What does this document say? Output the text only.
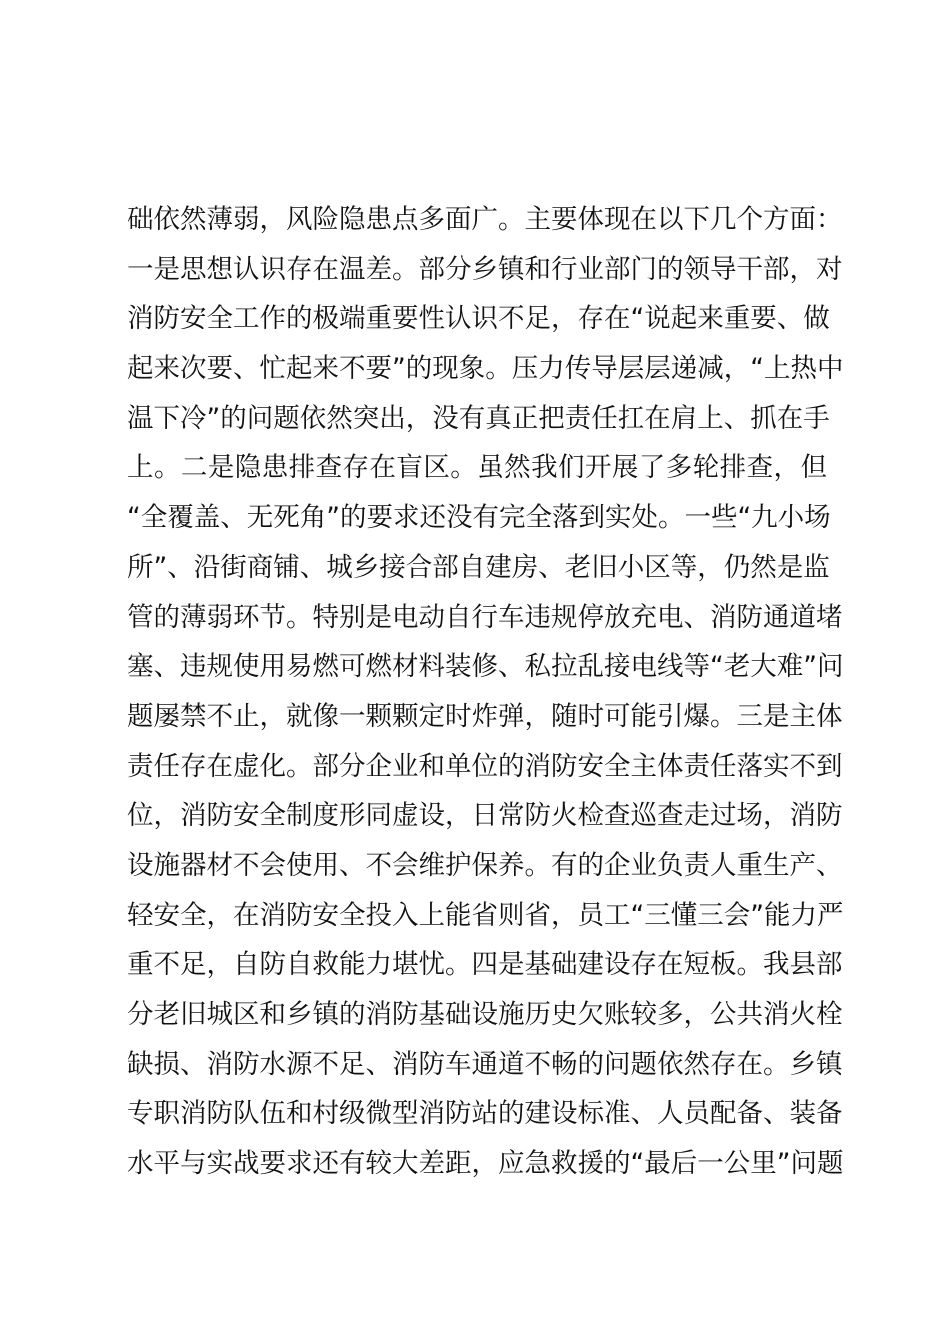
础依然薄弱，风险隐患点多面广。主要体现在以下几个方面：
一是思想认识存在温差。部分乡镇和行业部门的领导干部，对
消防安全工作的极端重要性认识不足，存在“说起来重要、做
起来次要、忙起来不要”的现象。压力传导层层递减，“上热中
温下冷”的问题依然突出，没有真正把责任扛在肩上、抓在手
上。二是隐患排查存在盲区。虽然我们开展了多轮排查，但
“全覆盖、无死角”的要求还没有完全落到实处。一些“九小场
所”、沿街商铺、城乡接合部自建房、老旧小区等，仍然是监
管的薄弱环节。特别是电动自行车违规停放充电、消防通道堵
塞、违规使用易燃可燃材料装修、私拉乱接电线等“老大难”问
题屡禁不止，就像一颗颗定时炸弹，随时可能引爆。三是主体
责任存在虚化。部分企业和单位的消防安全主体责任落实不到
位，消防安全制度形同虚设，日常防火检查巡查走过场，消防
设施器材不会使用、不会维护保养。有的企业负责人重生产、
轻安全，在消防安全投入上能省则省，员工“三懂三会”能力严
重不足，自防自救能力堪忧。四是基础建设存在短板。我县部
分老旧城区和乡镇的消防基础设施历史欠账较多，公共消火栓
缺损、消防水源不足、消防车通道不畅的问题依然存在。乡镇
专职消防队伍和村级微型消防站的建设标准、人员配备、装备
水平与实战要求还有较大差距，应急救援的“最后一公里”问题
